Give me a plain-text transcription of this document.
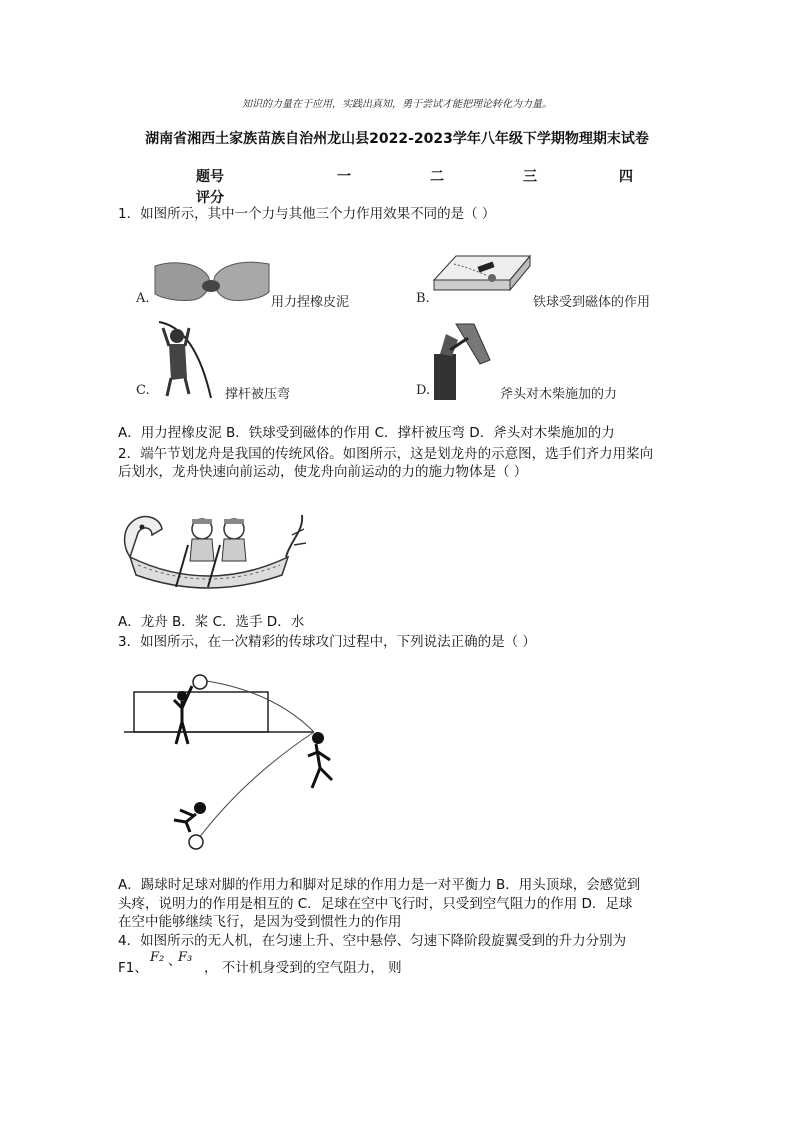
知识的力量在于应用，实践出真知，勇于尝试才能把理论转化为力量。
湖南省湘西土家族苗族自治州龙山县2022-2023学年八年级下学期物理期末试卷
题号	一	二	三	四
评分
1．如图所示，其中一个力与其他三个力作用效果不同的是（ ）
A.	用力捏橡皮泥	B.	铁球受到磁体的作用
C.	撑杆被压弯	D.	斧头对木柴施加的力
A．用力捏橡皮泥 B．铁球受到磁体的作用 C．撑杆被压弯 D．斧头对木柴施加的力
2．端午节划龙舟是我国的传统风俗。如图所示，这是划龙舟的示意图，选手们齐力用桨向
后划水，龙舟快速向前运动，使龙舟向前运动的力的施力物体是（ ）
A．龙舟 B．桨 C．选手 D．水
3．如图所示，在一次精彩的传球攻门过程中，下列说法正确的是（ ）
A．踢球时足球对脚的作用力和脚对足球的作用力是一对平衡力 B．用头顶球，会感觉到
头疼，说明力的作用是相互的 C．足球在空中飞行时，只受到空气阻力的作用 D．足球
在空中能够继续飞行，是因为受到惯性力的作用
4．如图所示的无人机，在匀速上升、空中悬停、匀速下降阶段旋翼受到的升力分别为
F1、
F₂ 、
F₃
， 不计机身受到的空气阻力， 则
